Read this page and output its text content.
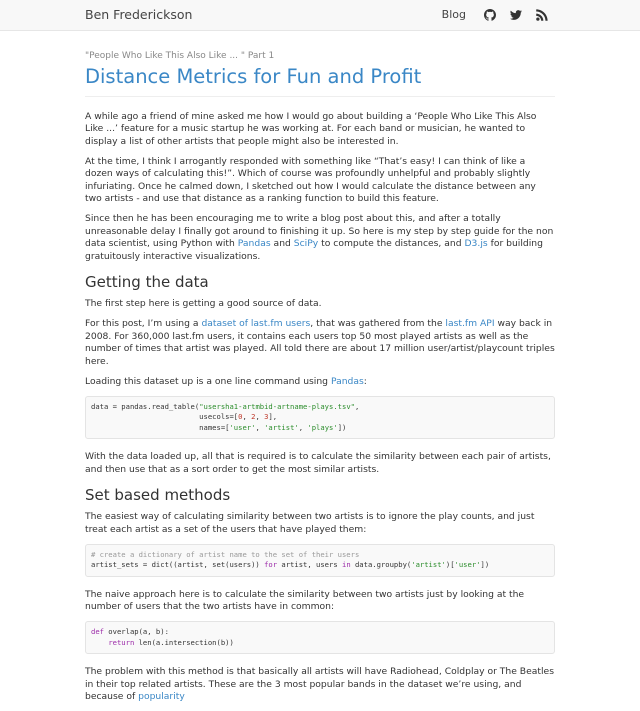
Ben Frederickson	Blog

"People Who Like This Also Like ... " Part 1

Distance Metrics for Fun and Profit

A while ago a friend of mine asked me how I would go about building a ‘People Who Like This Also Like ...’ feature for a music startup he was working at. For each band or musician, he wanted to display a list of other artists that people might also be interested in.

At the time, I think I arrogantly responded with something like “That’s easy! I can think of like a dozen ways of calculating this!”. Which of course was profoundly unhelpful and probably slightly infuriating. Once he calmed down, I sketched out how I would calculate the distance between any two artists - and use that distance as a ranking function to build this feature.

Since then he has been encouraging me to write a blog post about this, and after a totally unreasonable delay I finally got around to finishing it up. So here is my step by step guide for the non data scientist, using Python with Pandas and SciPy to compute the distances, and D3.js for building gratuitously interactive visualizations.

Getting the data

The first step here is getting a good source of data.

For this post, I’m using a dataset of last.fm users, that was gathered from the last.fm API way back in 2008. For 360,000 last.fm users, it contains each users top 50 most played artists as well as the number of times that artist was played. All told there are about 17 million user/artist/playcount triples here.

Loading this dataset up is a one line command using Pandas:

data = pandas.read_table("usersha1-artmbid-artname-plays.tsv",
usecols=[0, 2, 3],
names=['user', 'artist', 'plays'])

With the data loaded up, all that is required is to calculate the similarity between each pair of artists, and then use that as a sort order to get the most similar artists.

Set based methods

The easiest way of calculating similarity between two artists is to ignore the play counts, and just treat each artist as a set of the users that have played them:

# create a dictionary of artist name to the set of their users
artist_sets = dict((artist, set(users)) for artist, users in data.groupby('artist')['user'])

The naive approach here is to calculate the similarity between two artists just by looking at the number of users that the two artists have in common:

def overlap(a, b):
return len(a.intersection(b))

The problem with this method is that basically all artists will have Radiohead, Coldplay or The Beatles in their top related artists. These are the 3 most popular bands in the dataset we’re using, and because of popularity
